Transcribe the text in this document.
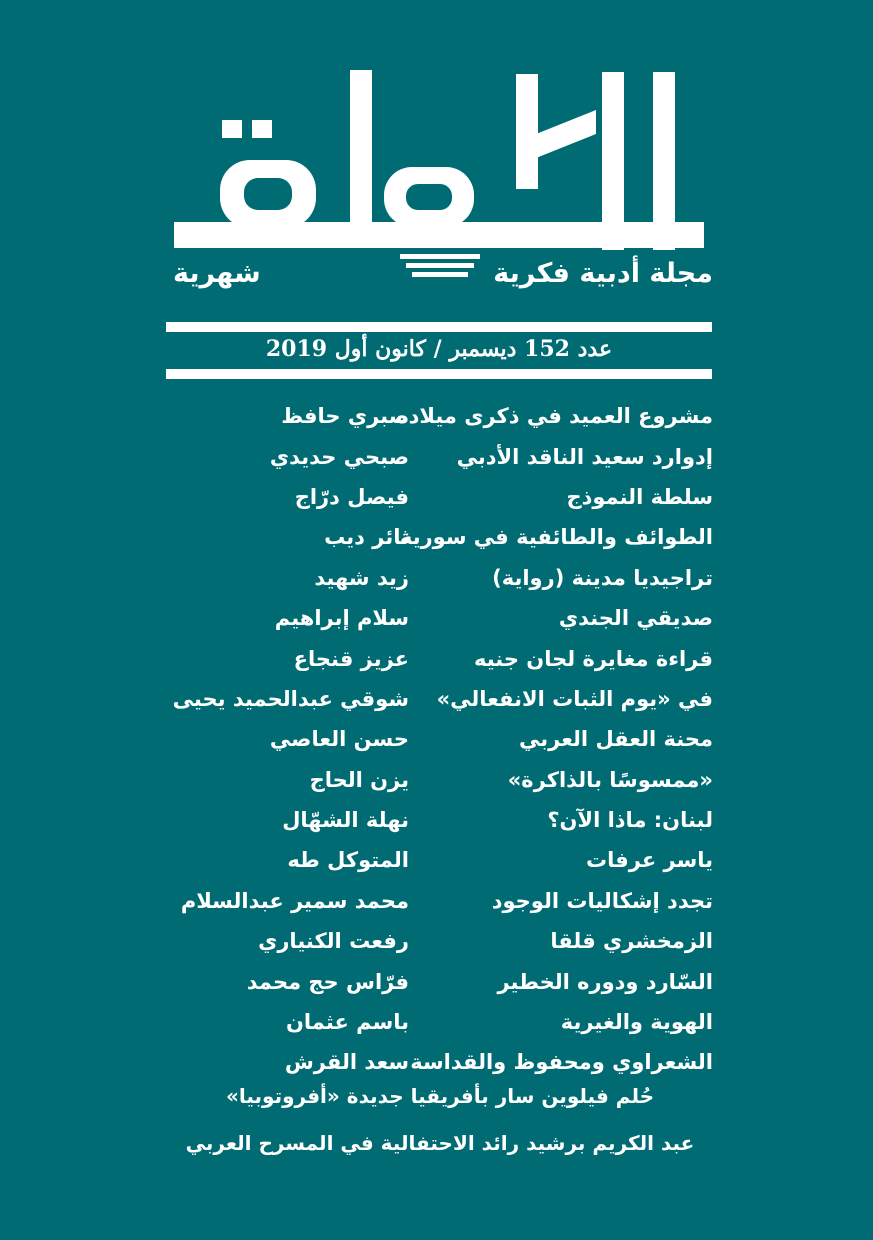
الكلمة
مجلة أدبية فكرية
شهرية
عدد 152 ديسمبر / كانون أول 2019
مشروع العميد في ذكرى ميلاده
صبري حافظ
إدوارد سعيد الناقد الأدبي
صبحي حديدي
سلطة النموذج
فيصل درّاج
الطوائف والطائفية في سورية
ثائر ديب
تراجيديا مدينة (رواية)
زيد شهيد
صديقي الجندي
سلام إبراهيم
قراءة مغايرة لجان جنيه
عزيز قنجاع
في «يوم الثبات الانفعالي»
شوقي عبدالحميد يحيى
محنة العقل العربي
حسن العاصي
«ممسوسًا بالذاكرة»
يزن الحاج
لبنان: ماذا الآن؟
نهلة الشهّال
ياسر عرفات
المتوكل طه
تجدد إشكاليات الوجود
محمد سمير عبدالسلام
الزمخشري قلقا
رفعت الكنياري
السّارد ودوره الخطير
فرّاس حج محمد
الهوية والغيرية
باسم عثمان
الشعراوي ومحفوظ والقداسة
سعد القرش
حُلم فيلوين سار بأفريقيا جديدة «أفروتوبيا»
عبد الكريم برشيد رائد الاحتفالية في المسرح العربي
